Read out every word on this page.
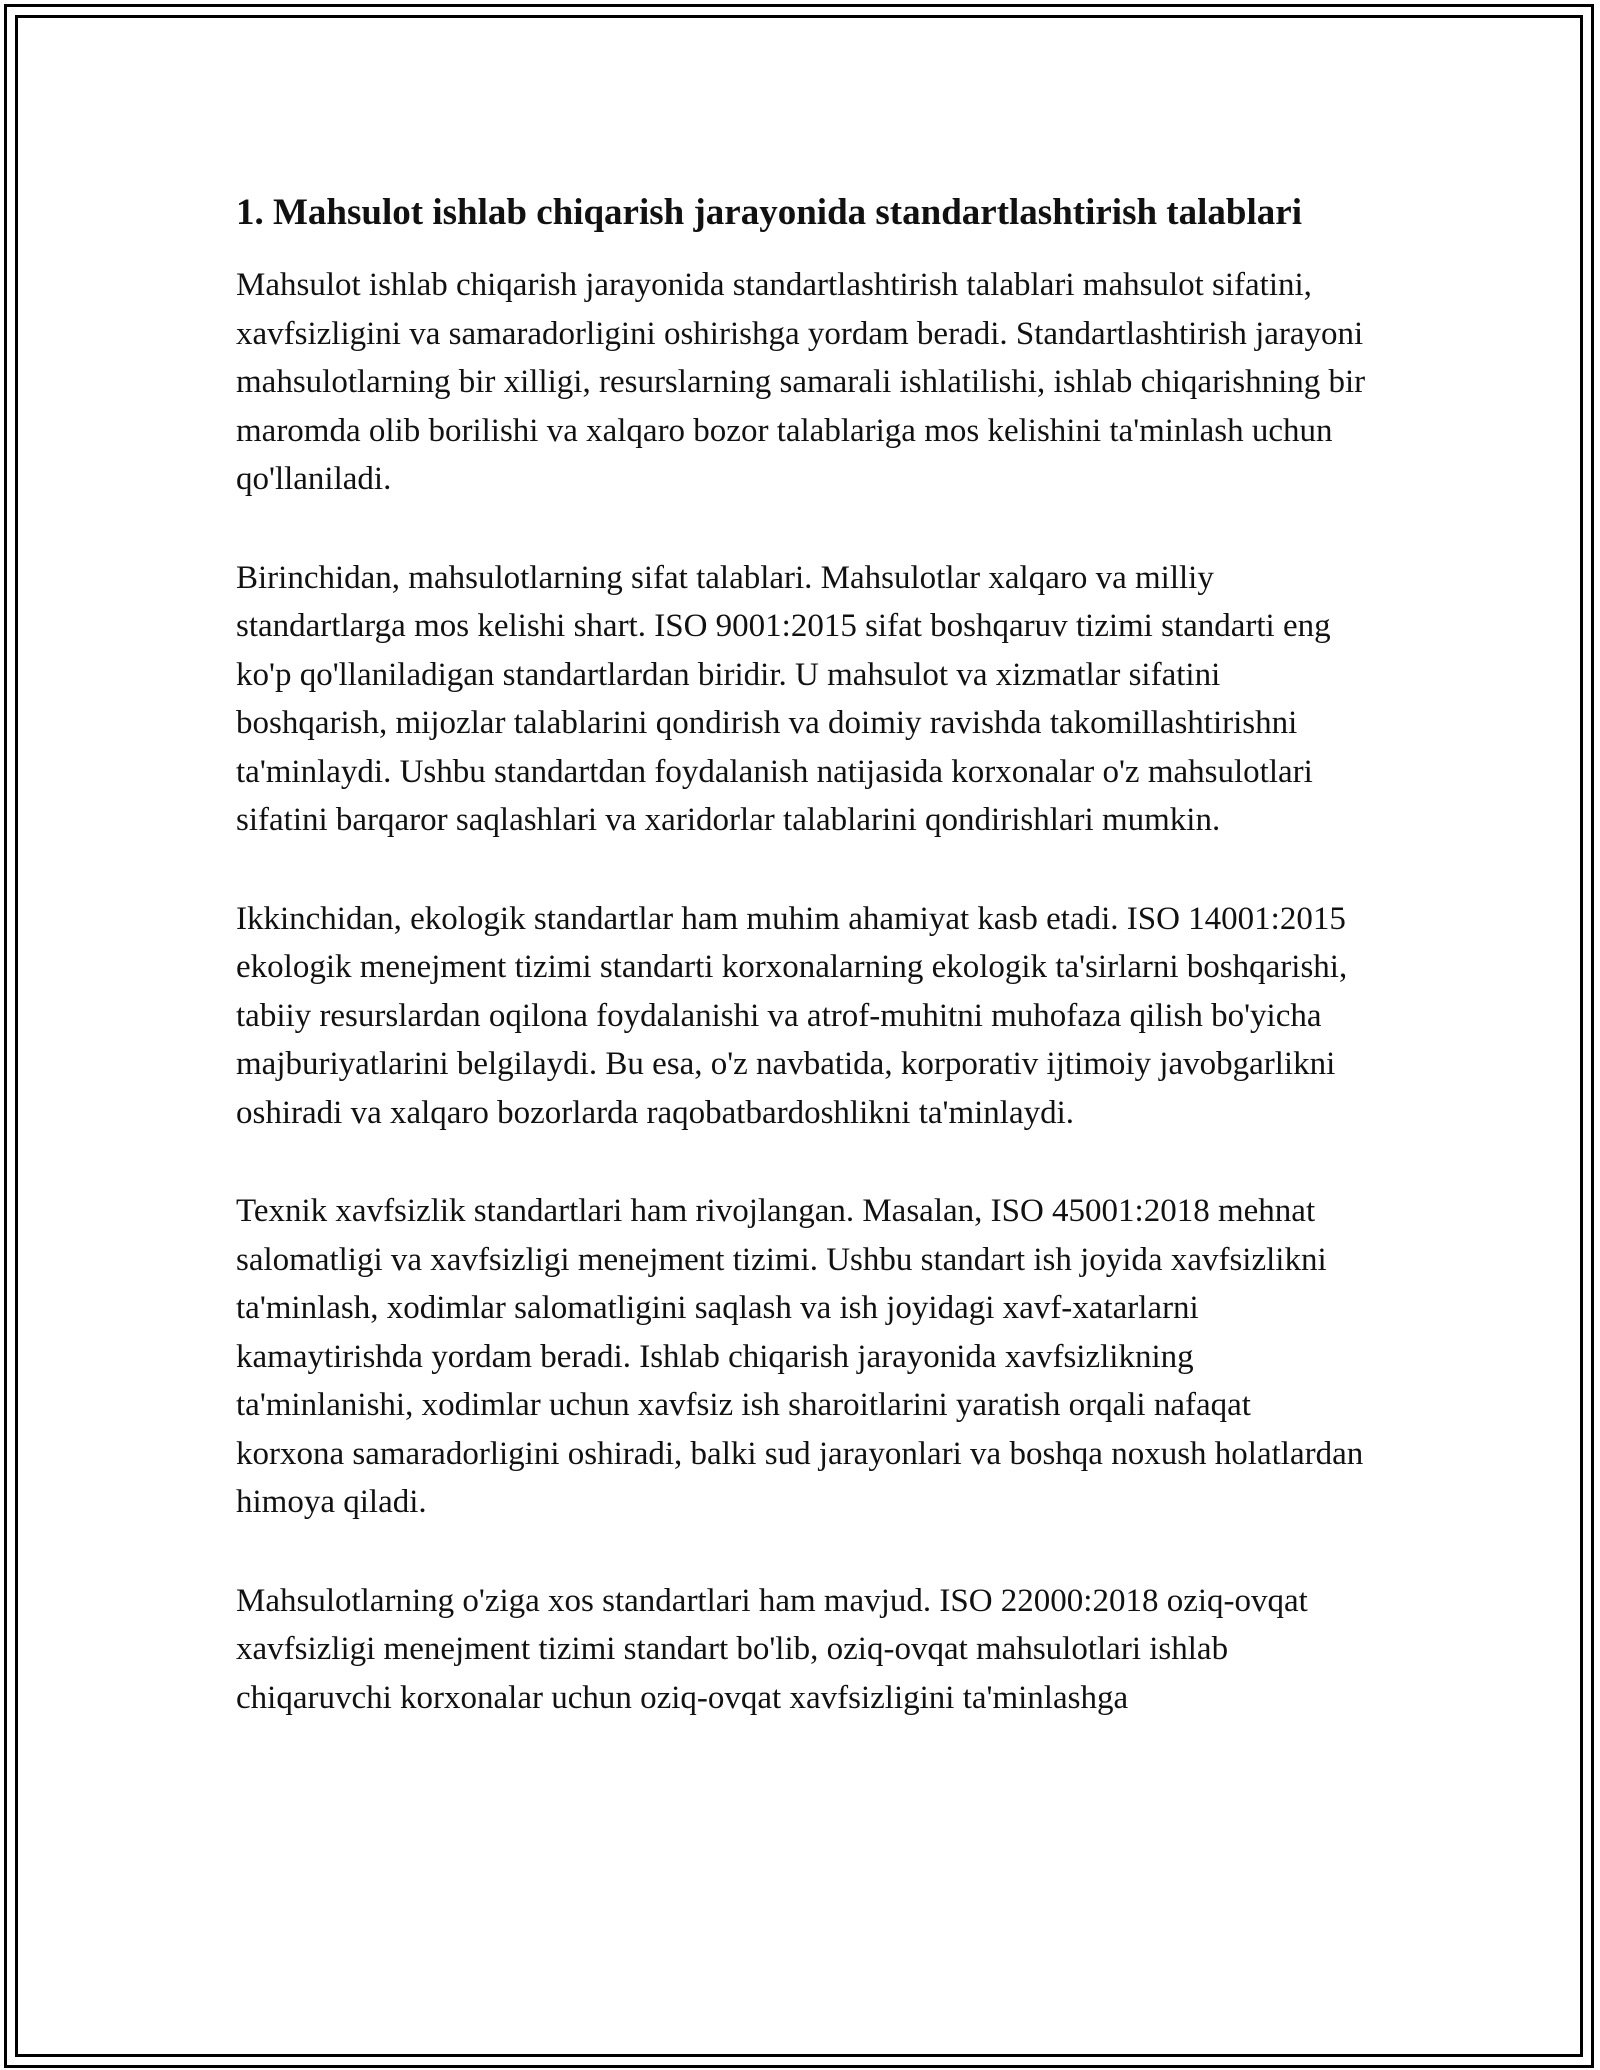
1. Mahsulot ishlab chiqarish jarayonida standartlashtirish talablari

Mahsulot ishlab chiqarish jarayonida standartlashtirish talablari mahsulot sifatini, xavfsizligini va samaradorligini oshirishga yordam beradi. Standartlashtirish jarayoni mahsulotlarning bir xilligi, resurslarning samarali ishlatilishi, ishlab chiqarishning bir maromda olib borilishi va xalqaro bozor talablariga mos kelishini ta'minlash uchun qo'llaniladi.

Birinchidan, mahsulotlarning sifat talablari. Mahsulotlar xalqaro va milliy standartlarga mos kelishi shart. ISO 9001:2015 sifat boshqaruv tizimi standarti eng ko'p qo'llaniladigan standartlardan biridir. U mahsulot va xizmatlar sifatini boshqarish, mijozlar talablarini qondirish va doimiy ravishda takomillashtirishni ta'minlaydi. Ushbu standartdan foydalanish natijasida korxonalar o'z mahsulotlari sifatini barqaror saqlashlari va xaridorlar talablarini qondirishlari mumkin.

Ikkinchidan, ekologik standartlar ham muhim ahamiyat kasb etadi. ISO 14001:2015 ekologik menejment tizimi standarti korxonalarning ekologik ta'sirlarni boshqarishi, tabiiy resurslardan oqilona foydalanishi va atrof-muhitni muhofaza qilish bo'yicha majburiyatlarini belgilaydi. Bu esa, o'z navbatida, korporativ ijtimoiy javobgarlikni oshiradi va xalqaro bozorlarda raqobatbardoshlikni ta'minlaydi.

Texnik xavfsizlik standartlari ham rivojlangan. Masalan, ISO 45001:2018 mehnat salomatligi va xavfsizligi menejment tizimi. Ushbu standart ish joyida xavfsizlikni ta'minlash, xodimlar salomatligini saqlash va ish joyidagi xavf-xatarlarni kamaytirishda yordam beradi. Ishlab chiqarish jarayonida xavfsizlikning ta'minlanishi, xodimlar uchun xavfsiz ish sharoitlarini yaratish orqali nafaqat korxona samaradorligini oshiradi, balki sud jarayonlari va boshqa noxush holatlardan himoya qiladi.

Mahsulotlarning o'ziga xos standartlari ham mavjud. ISO 22000:2018 oziq-ovqat xavfsizligi menejment tizimi standart bo'lib, oziq-ovqat mahsulotlari ishlab chiqaruvchi korxonalar uchun oziq-ovqat xavfsizligini ta'minlashga
